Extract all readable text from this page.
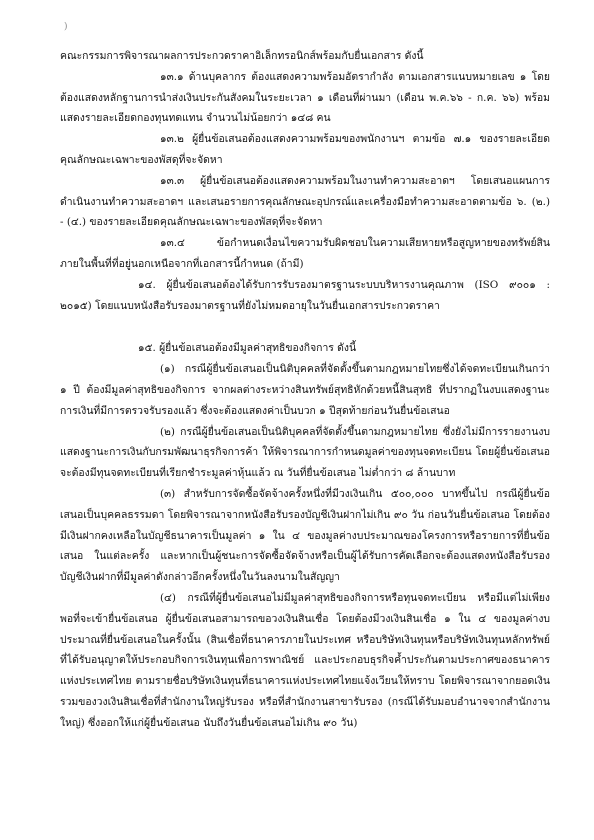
)

คณะกรรมการพิจารณาผลการประกวดราคาอิเล็กทรอนิกส์พร้อมกับยื่นเอกสาร ดังนี้

๑๓.๑ ด้านบุคลากร ต้องแสดงความพร้อมอัตรากำลัง ตามเอกสารแนบหมายเลข ๑ โดยต้องแสดงหลักฐานการนำส่งเงินประกันสังคมในระยะเวลา ๑ เดือนที่ผ่านมา (เดือน พ.ค.๖๖ - ก.ค. ๖๖) พร้อมแสดงรายละเอียดกองทุนทดแทน จำนวนไม่น้อยกว่า ๑๔๘ คน

๑๓.๒ ผู้ยื่นข้อเสนอต้องแสดงความพร้อมของพนักงานฯ ตามข้อ ๗.๑ ของรายละเอียดคุณลักษณะเฉพาะของพัสดุที่จะจัดหา

๑๓.๓ ผู้ยื่นข้อเสนอต้องแสดงความพร้อมในงานทำความสะอาดฯ โดยเสนอแผนการดำเนินงานทำความสะอาดฯ และเสนอรายการคุณลักษณะอุปกรณ์และเครื่องมือทำความสะอาดตามข้อ ๖. (๒.) - (๔.) ของรายละเอียดคุณลักษณะเฉพาะของพัสดุที่จะจัดหา

๑๓.๔ ข้อกำหนดเงื่อนไขความรับผิดชอบในความเสียหายหรือสูญหายของทรัพย์สินภายในพื้นที่ที่อยู่นอกเหนือจากที่เอกสารนี้กำหนด (ถ้ามี)

๑๔. ผู้ยื่นข้อเสนอต้องได้รับการรับรองมาตรฐานระบบบริหารงานคุณภาพ (ISO ๙๐๐๑ : ๒๐๑๕) โดยแนบหนังสือรับรองมาตรฐานที่ยังไม่หมดอายุในวันยื่นเอกสารประกวดราคา

๑๕. ผู้ยื่นข้อเสนอต้องมีมูลค่าสุทธิของกิจการ ดังนี้

(๑) กรณีผู้ยื่นข้อเสนอเป็นนิติบุคคลที่จัดตั้งขึ้นตามกฎหมายไทยซึ่งได้จดทะเบียนเกินกว่า ๑ ปี ต้องมีมูลค่าสุทธิของกิจการ จากผลต่างระหว่างสินทรัพย์สุทธิหักด้วยหนี้สินสุทธิ ที่ปรากฏในงบแสดงฐานะการเงินที่มีการตรวจรับรองแล้ว ซึ่งจะต้องแสดงค่าเป็นบวก ๑ ปีสุดท้ายก่อนวันยื่นข้อเสนอ

(๒) กรณีผู้ยื่นข้อเสนอเป็นนิติบุคคลที่จัดตั้งขึ้นตามกฎหมายไทย ซึ่งยังไม่มีการรายงานงบแสดงฐานะการเงินกับกรมพัฒนาธุรกิจการค้า ให้พิจารณาการกำหนดมูลค่าของทุนจดทะเบียน โดยผู้ยื่นข้อเสนอจะต้องมีทุนจดทะเบียนที่เรียกชำระมูลค่าหุ้นแล้ว ณ วันที่ยื่นข้อเสนอ ไม่ต่ำกว่า ๘ ล้านบาท

(๓) สำหรับการจัดซื้อจัดจ้างครั้งหนึ่งที่มีวงเงินเกิน ๕๐๐,๐๐๐ บาทขึ้นไป กรณีผู้ยื่นข้อเสนอเป็นบุคคลธรรมดา โดยพิจารณาจากหนังสือรับรองบัญชีเงินฝากไม่เกิน ๙๐ วัน ก่อนวันยื่นข้อเสนอ โดยต้องมีเงินฝากคงเหลือในบัญชีธนาคารเป็นมูลค่า ๑ ใน ๔ ของมูลค่างบประมาณของโครงการหรือรายการที่ยื่นข้อเสนอ ในแต่ละครั้ง และหากเป็นผู้ชนะการจัดซื้อจัดจ้างหรือเป็นผู้ได้รับการคัดเลือกจะต้องแสดงหนังสือรับรองบัญชีเงินฝากที่มีมูลค่าดังกล่าวอีกครั้งหนึ่งในวันลงนามในสัญญา

(๔) กรณีที่ผู้ยื่นข้อเสนอไม่มีมูลค่าสุทธิของกิจการหรือทุนจดทะเบียน หรือมีแต่ไม่เพียงพอที่จะเข้ายื่นข้อเสนอ ผู้ยื่นข้อเสนอสามารถขอวงเงินสินเชื่อ โดยต้องมีวงเงินสินเชื่อ ๑ ใน ๔ ของมูลค่างบประมาณที่ยื่นข้อเสนอในครั้งนั้น (สินเชื่อที่ธนาคารภายในประเทศ หรือบริษัทเงินทุนหรือบริษัทเงินทุนหลักทรัพย์ที่ได้รับอนุญาตให้ประกอบกิจการเงินทุนเพื่อการพาณิชย์ และประกอบธุรกิจค้ำประกันตามประกาศของธนาคารแห่งประเทศไทย ตามรายชื่อบริษัทเงินทุนที่ธนาคารแห่งประเทศไทยแจ้งเวียนให้ทราบ โดยพิจารณาจากยอดเงินรวมของวงเงินสินเชื่อที่สำนักงานใหญ่รับรอง หรือที่สำนักงานสาขารับรอง (กรณีได้รับมอบอำนาจจากสำนักงานใหญ่) ซึ่งออกให้แก่ผู้ยื่นข้อเสนอ นับถึงวันยื่นข้อเสนอไม่เกิน ๙๐ วัน)
